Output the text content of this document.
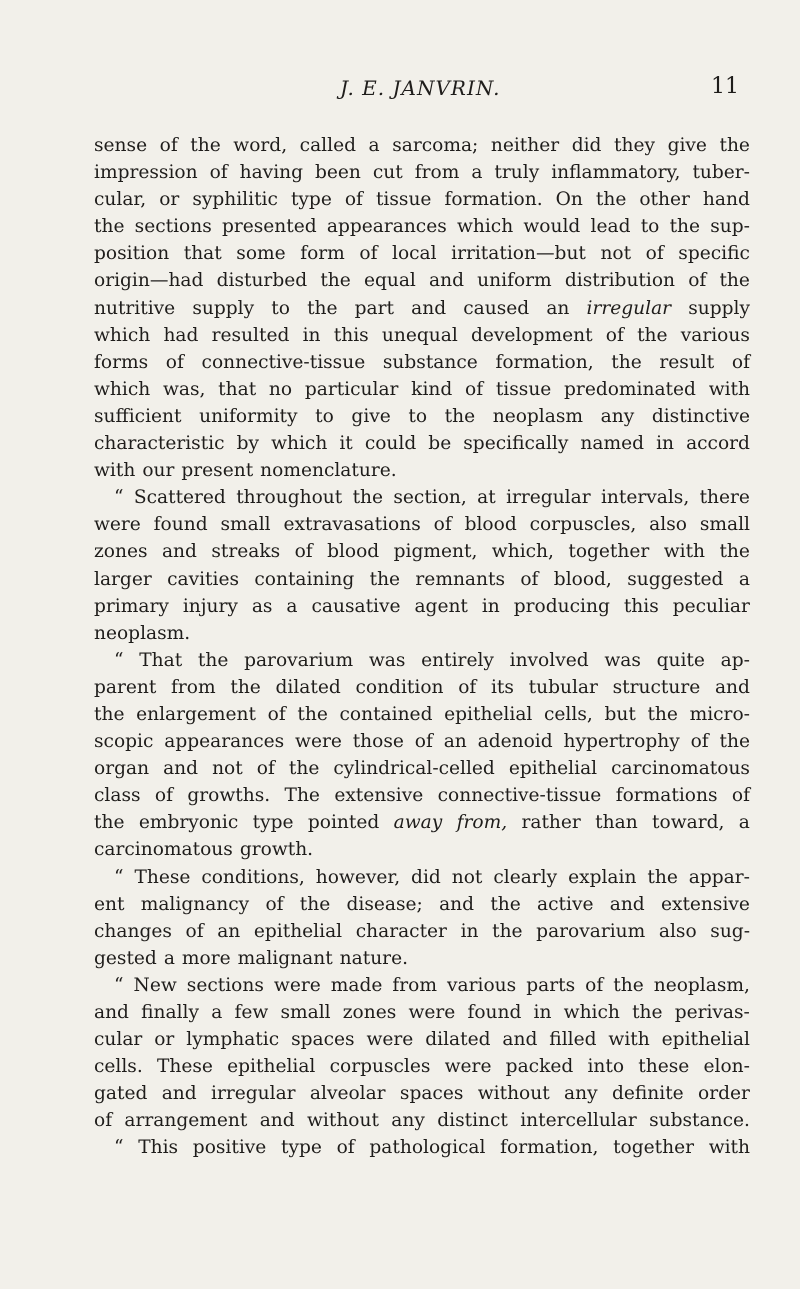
J. E. JANVRIN.	11
sense of the word, called a sarcoma; neither did they give the
impression of having been cut from a truly inflammatory, tuber-
cular, or syphilitic type of tissue formation. On the other hand
the sections presented appearances which would lead to the sup-
position that some form of local irritation—but not of specific
origin—had disturbed the equal and uniform distribution of the
nutritive supply to the part and caused an irregular supply
which had resulted in this unequal development of the various
forms of connective-tissue substance formation, the result of
which was, that no particular kind of tissue predominated with
sufficient uniformity to give to the neoplasm any distinctive
characteristic by which it could be specifically named in accord
with our present nomenclature.
“ Scattered throughout the section, at irregular intervals, there
were found small extravasations of blood corpuscles, also small
zones and streaks of blood pigment, which, together with the
larger cavities containing the remnants of blood, suggested a
primary injury as a causative agent in producing this peculiar
neoplasm.
“ That the parovarium was entirely involved was quite ap-
parent from the dilated condition of its tubular structure and
the enlargement of the contained epithelial cells, but the micro-
scopic appearances were those of an adenoid hypertrophy of the
organ and not of the cylindrical-celled epithelial carcinomatous
class of growths. The extensive connective-tissue formations of
the embryonic type pointed away from, rather than toward, a
carcinomatous growth.
“ These conditions, however, did not clearly explain the appar-
ent malignancy of the disease; and the active and extensive
changes of an epithelial character in the parovarium also sug-
gested a more malignant nature.
“ New sections were made from various parts of the neoplasm,
and finally a few small zones were found in which the perivas-
cular or lymphatic spaces were dilated and filled with epithelial
cells. These epithelial corpuscles were packed into these elon-
gated and irregular alveolar spaces without any definite order
of arrangement and without any distinct intercellular substance.
“ This positive type of pathological formation, together with
